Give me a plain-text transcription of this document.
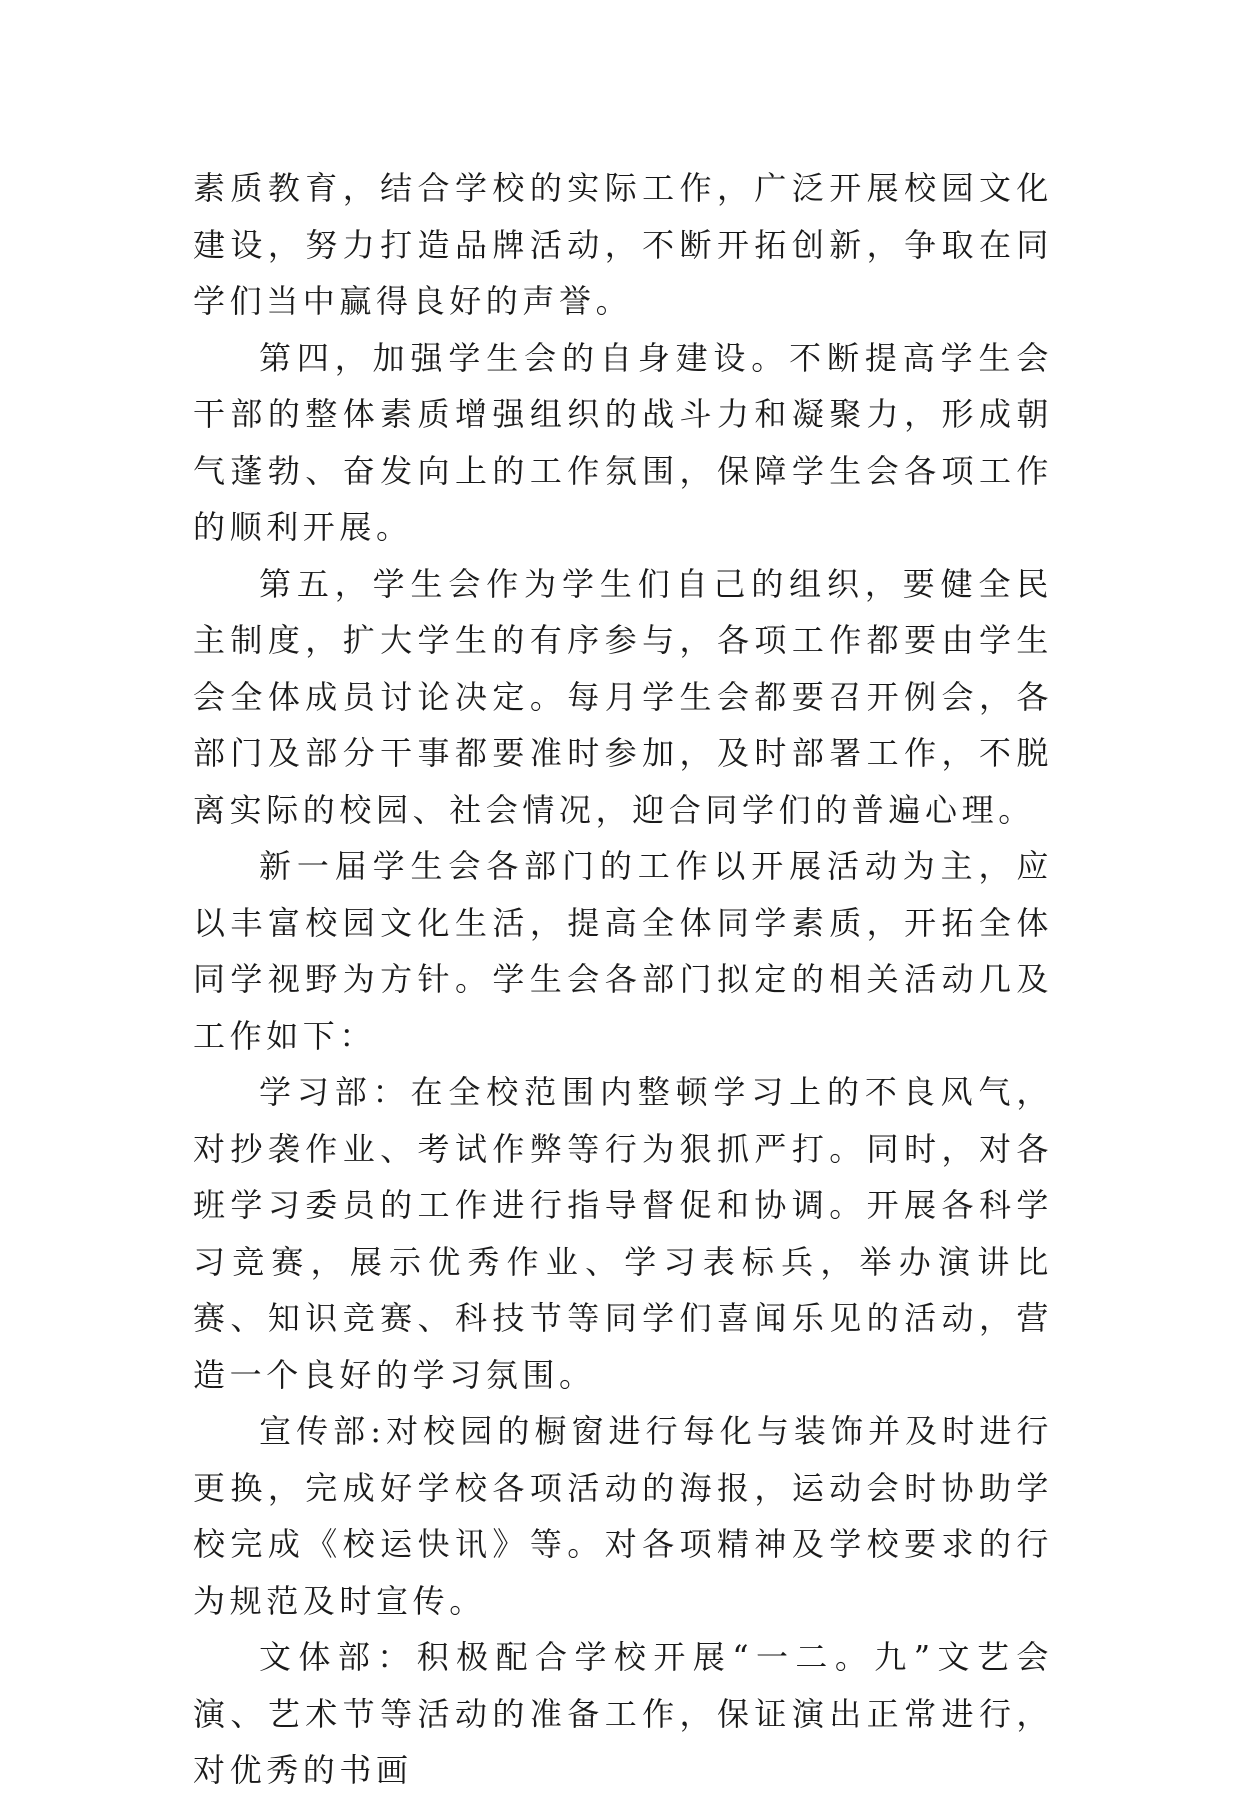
素质教育，结合学校的实际工作，广泛开展校园文化建设，努力打造品牌活动，不断开拓创新，争取在同学们当中赢得良好的声誉。

第四，加强学生会的自身建设。不断提高学生会干部的整体素质增强组织的战斗力和凝聚力，形成朝气蓬勃、奋发向上的工作氛围，保障学生会各项工作的顺利开展。

第五，学生会作为学生们自己的组织，要健全民主制度，扩大学生的有序参与，各项工作都要由学生会全体成员讨论决定。每月学生会都要召开例会，各部门及部分干事都要准时参加，及时部署工作，不脱离实际的校园、社会情况，迎合同学们的普遍心理。

新一届学生会各部门的工作以开展活动为主，应以丰富校园文化生活，提高全体同学素质，开拓全体同学视野为方针。学生会各部门拟定的相关活动几及工作如下：

学习部：在全校范围内整顿学习上的不良风气，对抄袭作业、考试作弊等行为狠抓严打。同时，对各班学习委员的工作进行指导督促和协调。开展各科学习竞赛，展示优秀作业、学习表标兵，举办演讲比赛、知识竞赛、科技节等同学们喜闻乐见的活动，营造一个良好的学习氛围。

宣传部:对校园的橱窗进行每化与装饰并及时进行更换，完成好学校各项活动的海报，运动会时协助学校完成《校运快讯》等。对各项精神及学校要求的行为规范及时宣传。

文体部：积极配合学校开展“一二。九”文艺会演、艺术节等活动的准备工作，保证演出正常进行，对优秀的书画
